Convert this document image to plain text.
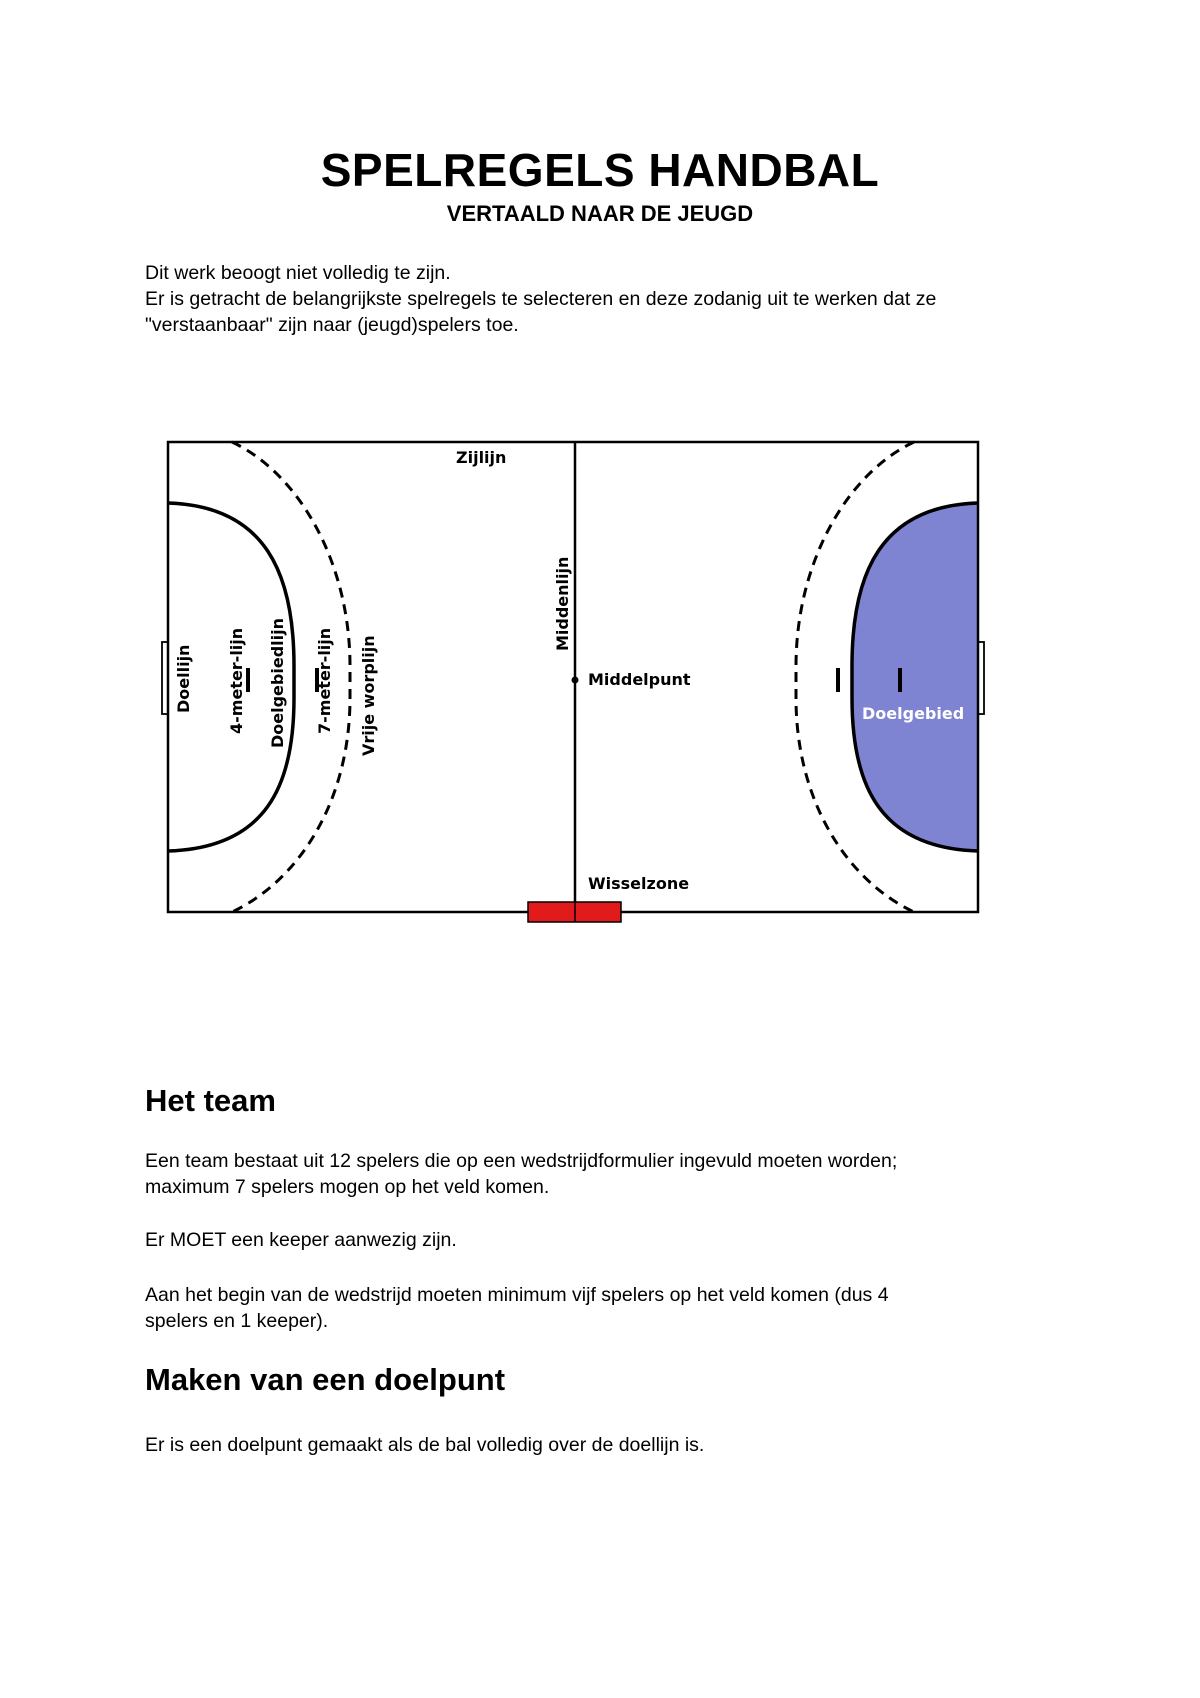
SPELREGELS HANDBAL
VERTAALD NAAR DE JEUGD
Dit werk beoogt niet volledig te zijn.
Er is getracht de belangrijkste spelregels te selecteren en deze zodanig uit te werken dat ze
"verstaanbaar" zijn naar (jeugd)spelers toe.
Zijlijn
Middelpunt
Wisselzone
Doelgebied
Middenlijn
Doellijn 4-meter-lijn Doelgebiedlijn 7-meter-lijn Vrije worplijn
Het team
Een team bestaat uit 12 spelers die op een wedstrijdformulier ingevuld moeten worden;
maximum 7 spelers mogen op het veld komen.
Er MOET een keeper aanwezig zijn.
Aan het begin van de wedstrijd moeten minimum vijf spelers op het veld komen (dus 4
spelers en 1 keeper).
Maken van een doelpunt
Er is een doelpunt gemaakt als de bal volledig over de doellijn is.
